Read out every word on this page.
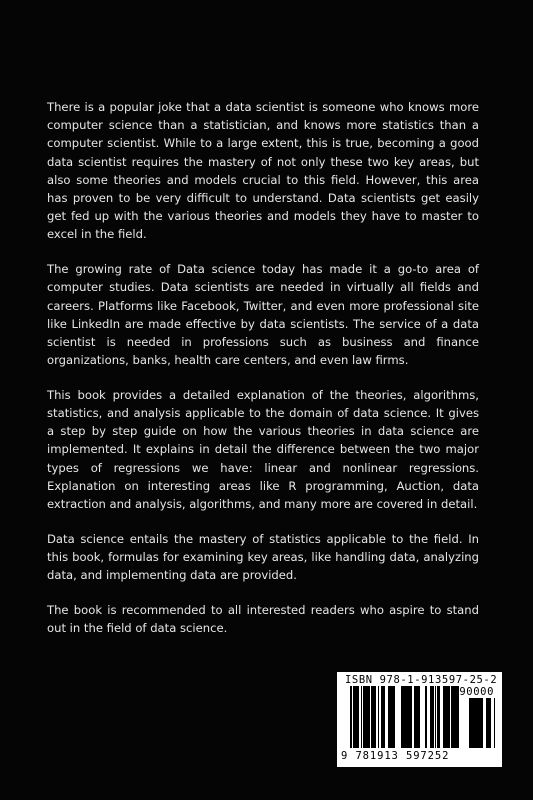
There is a popular joke that a data scientist is someone who knows more computer science than a statistician, and knows more statistics than a computer scientist. While to a large extent, this is true, becoming a good data scientist requires the mastery of not only these two key areas, but also some theories and models crucial to this field. However, this area has proven to be very difficult to understand. Data scientists get easily get fed up with the various theories and models they have to master to excel in the field.

The growing rate of Data science today has made it a go-to area of computer studies. Data scientists are needed in virtually all fields and careers. Platforms like Facebook, Twitter, and even more professional site like LinkedIn are made effective by data scientists. The service of a data scientist is needed in professions such as business and finance organizations, banks, health care centers, and even law firms.

This book provides a detailed explanation of the theories, algorithms, statistics, and analysis applicable to the domain of data science. It gives a step by step guide on how the various theories in data science are implemented. It explains in detail the difference between the two major types of regressions we have: linear and nonlinear regressions. Explanation on interesting areas like R programming, Auction, data extraction and analysis, algorithms, and many more are covered in detail.

Data science entails the mastery of statistics applicable to the field. In this book, formulas for examining key areas, like handling data, analyzing data, and implementing data are provided.

The book is recommended to all interested readers who aspire to stand out in the field of data science.

ISBN 978-1-913597-25-2
90000
9 781913 597252
